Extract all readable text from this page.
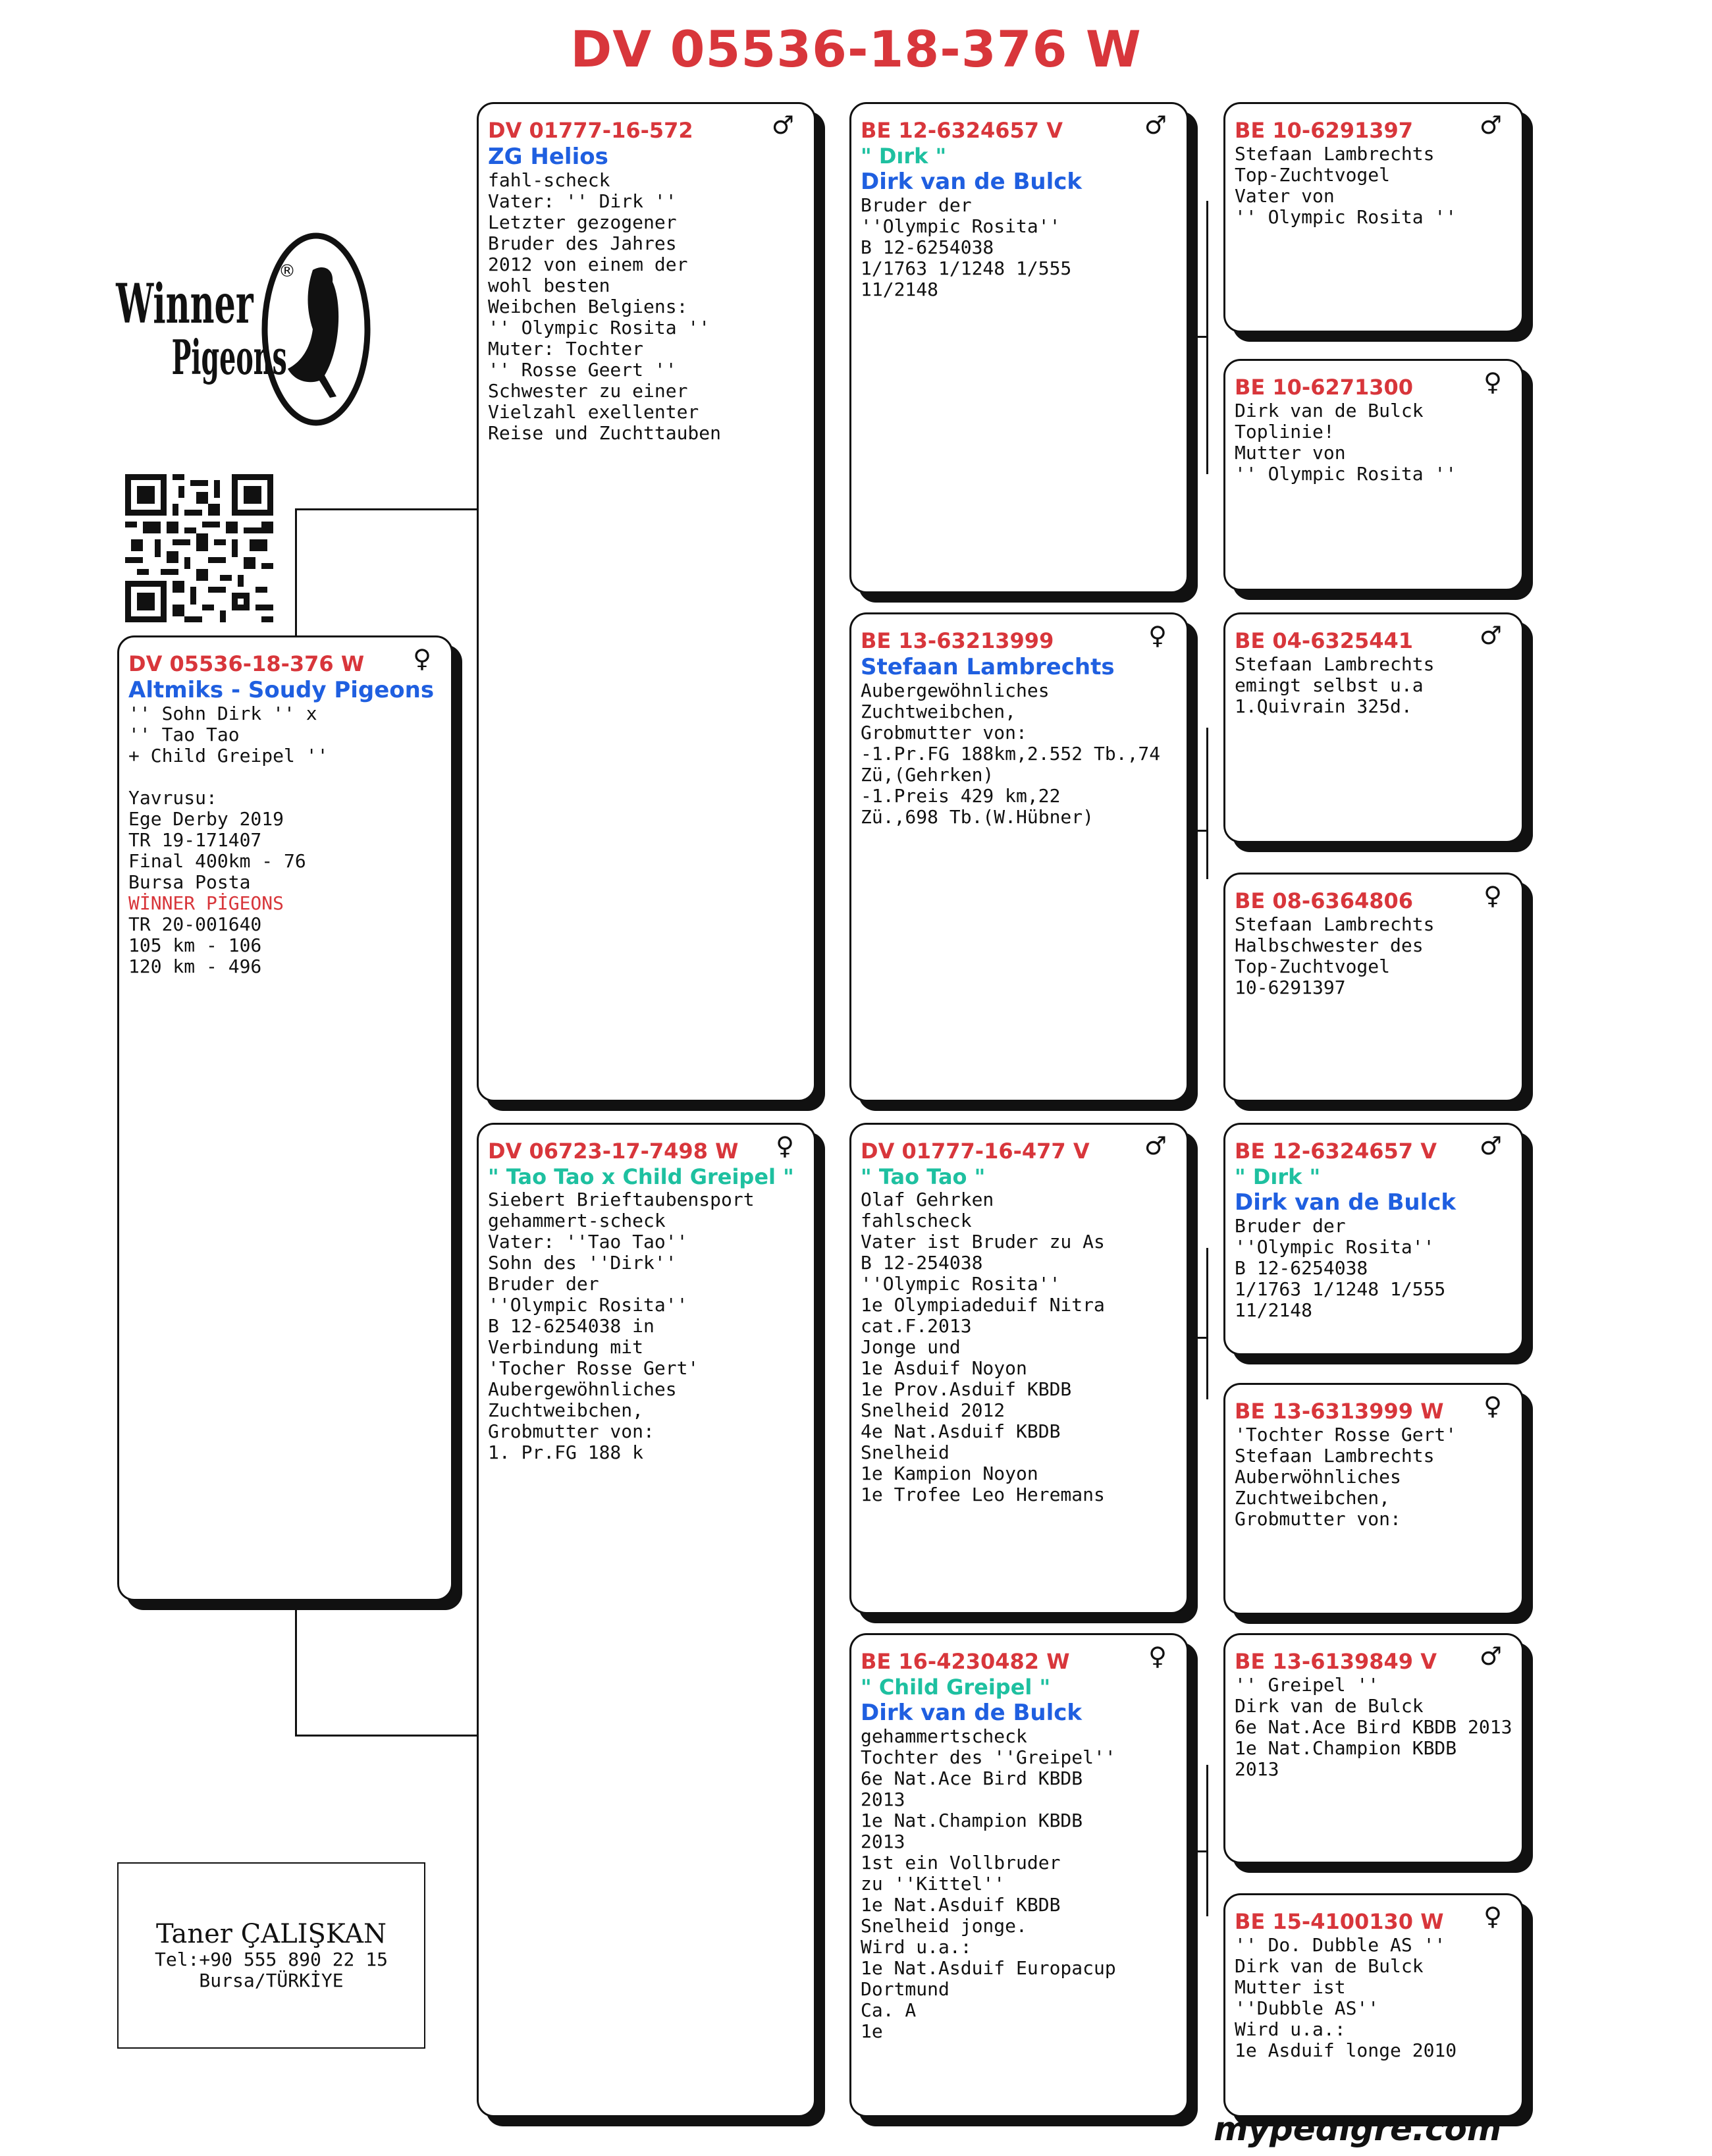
DV 05536-18-376 W
Winner
Pigeons
®
Taner ÇALIŞKAN
Tel:+90 555 890 22 15
Bursa/TÜRKİYE
♀
DV 05536-18-376 W
Altmiks - Soudy Pigeons
'' Sohn Dirk '' x
'' Tao Tao
+ Child Greipel ''

Yavrusu:
Ege Derby 2019
TR 19-171407
Final 400km - 76
Bursa Posta
WİNNER PİGEONS
TR 20-001640
105 km - 106
120 km - 496
♂
DV 01777-16-572
ZG Helios
fahl-scheck
Vater: '' Dirk ''
Letzter gezogener
Bruder des Jahres
2012 von einem der
wohl besten
Weibchen Belgiens:
'' Olympic Rosita ''
Muter: Tochter
'' Rosse Geert ''
Schwester zu einer
Vielzahl exellenter
Reise und Zuchttauben
♀
DV 06723-17-7498 W
" Tao Tao x Child Greipel "
Siebert Brieftaubensport
gehammert-scheck
Vater: ''Tao Tao''
Sohn des ''Dirk''
Bruder der
''Olympic Rosita''
B 12-6254038 in
Verbindung mit
'Tocher Rosse Gert'
Aubergewöhnliches
Zuchtweibchen,
Grobmutter von:
1. Pr.FG 188 k
♂
BE 12-6324657 V
" Dırk "
Dirk van de Bulck
Bruder der
''Olympic Rosita''
B 12-6254038
1/1763 1/1248 1/555
11/2148
♀
BE 13-63213999
Stefaan Lambrechts
Aubergewöhnliches
Zuchtweibchen,
Grobmutter von:
-1.Pr.FG 188km,2.552 Tb.,74
Zü,(Gehrken)
-1.Preis 429 km,22
Zü.,698 Tb.(W.Hübner)
♂
DV 01777-16-477 V
" Tao Tao "
Olaf Gehrken
fahlscheck
Vater ist Bruder zu As
B 12-254038
''Olympic Rosita''
1e Olympiadeduif Nitra
cat.F.2013
Jonge und
1e Asduif Noyon
1e Prov.Asduif KBDB
Snelheid 2012
4e Nat.Asduif KBDB
Snelheid
1e Kampion Noyon
1e Trofee Leo Heremans
♀
BE 16-4230482 W
" Child Greipel "
Dirk van de Bulck
gehammertscheck
Tochter des ''Greipel''
6e Nat.Ace Bird KBDB
2013
1e Nat.Champion KBDB
2013
1st ein Vollbruder
zu ''Kittel''
1e Nat.Asduif KBDB
Snelheid jonge.
Wird u.a.:
1e Nat.Asduif Europacup
Dortmund
Ca. A
1e
♂
BE 10-6291397
Stefaan Lambrechts
Top-Zuchtvogel
Vater von
'' Olympic Rosita ''
♀
BE 10-6271300
Dirk van de Bulck
Toplinie!
Mutter von
'' Olympic Rosita ''
♂
BE 04-6325441
Stefaan Lambrechts
emingt selbst u.a
1.Quivrain 325d.
♀
BE 08-6364806
Stefaan Lambrechts
Halbschwester des
Top-Zuchtvogel
10-6291397
♂
BE 12-6324657 V
" Dırk "
Dirk van de Bulck
Bruder der
''Olympic Rosita''
B 12-6254038
1/1763 1/1248 1/555
11/2148
♀
BE 13-6313999 W
'Tochter Rosse Gert'
Stefaan Lambrechts
Auberwöhnliches
Zuchtweibchen,
Grobmutter von:
♂
BE 13-6139849 V
'' Greipel ''
Dirk van de Bulck
6e Nat.Ace Bird KBDB 2013
1e Nat.Champion KBDB
2013
♀
BE 15-4100130 W
'' Do. Dubble AS ''
Dirk van de Bulck
Mutter ist
''Dubble AS''
Wird u.a.:
1e Asduif longe 2010
mypedigre.com
